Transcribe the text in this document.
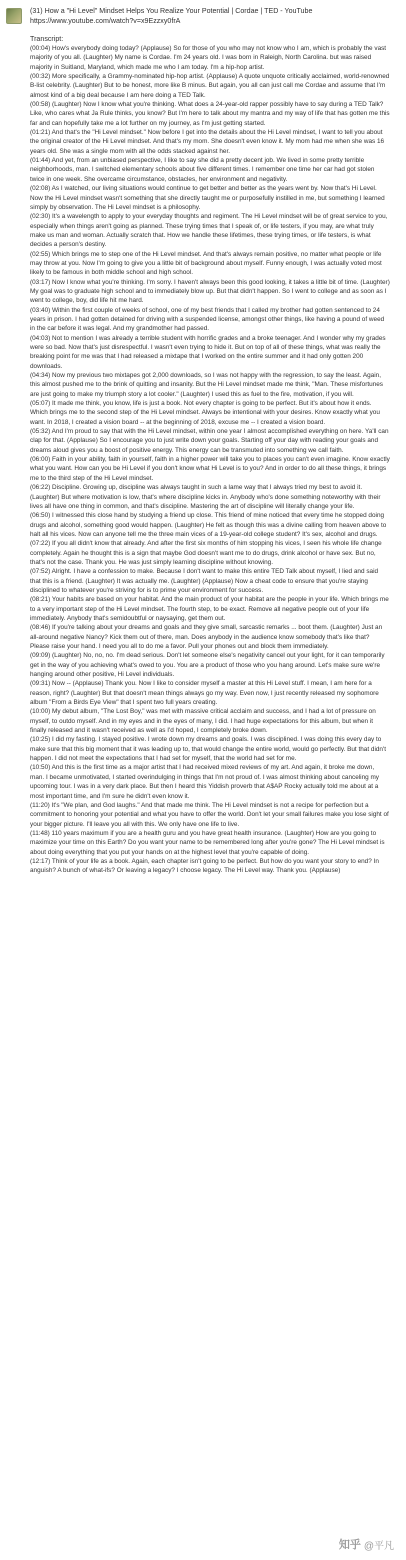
(31) How a "Hi Level" Mindset Helps You Realize Your Potential | Cordae | TED - YouTube
https://www.youtube.com/watch?v=x9Ezzxy0frA
Transcript:

(00:04) How's everybody doing today? (Applause) So for those of you who may not know who I am, which is probably the vast majority of you all. (Laughter) My name is Cordae. I'm 24 years old. I was born in Raleigh, North Carolina. but was raised majority in Suitland, Maryland, which made me who I am today. I'm a hip-hop artist.

(00:32) More specifically, a Grammy-nominated hip-hop artist. (Applause) A quote unquote critically acclaimed, world-renowned B-list celebrity. (Laughter) But to be honest, more like B minus. But again, you all can just call me Cordae and assume that I'm almost kind of a big deal because I am here doing a TED Talk.

(00:58) (Laughter) Now I know what you're thinking. What does a 24-year-old rapper possibly have to say during a TED Talk? Like, who cares what Ja Rule thinks, you know? But I'm here to talk about my mantra and my way of life that has gotten me this far and can hopefully take me a lot further on my journey, as I'm just getting started.

(01:21) And that's the "Hi Level mindset." Now before I get into the details about the Hi Level mindset, I want to tell you about the original creator of the Hi Level mindset. And that's my mom. She doesn't even know it. My mom had me when she was 16 years old. She was a single mom with all the odds stacked against her.

(01:44) And yet, from an unbiased perspective, I like to say she did a pretty decent job. We lived in some pretty terrible neighborhoods, man. I switched elementary schools about five different times. I remember one time her car had got stolen twice in one week. She overcame circumstance, obstacles, her environment and negativity.

(02:08) As I watched, our living situations would continue to get better and better as the years went by. Now that's Hi Level. Now the Hi Level mindset wasn't something that she directly taught me or purposefully instilled in me, but something I learned simply by observation. The Hi Level mindset is a philosophy.

(02:30) It's a wavelength to apply to your everyday thoughts and regiment. The Hi Level mindset will be of great service to you, especially when things aren't going as planned. These trying times that I speak of, or life testers, if you may, are what truly make us man and woman. Actually scratch that. How we handle these lifetimes, these trying times, or life testers, is what decides a person's destiny.

(02:55) Which brings me to step one of the Hi Level mindset. And that's always remain positive, no matter what people or life may throw at you. Now I'm going to give you a little bit of background about myself. Funny enough, I was actually voted most likely to be famous in both middle school and high school.

(03:17) Now I know what you're thinking. I'm sorry. I haven't always been this good looking, it takes a little bit of time. (Laughter) My goal was to graduate high school and to immediately blow up. But that didn't happen. So I went to college and as soon as I went to college, boy, did life hit me hard.

(03:40) Within the first couple of weeks of school, one of my best friends that I called my brother had gotten sentenced to 24 years in prison. I had gotten detained for driving with a suspended license, amongst other things, like having a pound of weed in the car before it was legal. And my grandmother had passed.

(04:03) Not to mention I was already a terrible student with horrific grades and a broke teenager. And I wonder why my grades were so bad. Now that's just disrespectful. I wasn't even trying to hide it. But on top of all of these things, what was really the breaking point for me was that I had released a mixtape that I worked on the entire summer and it had only gotten 200 downloads.

(04:34) Now my previous two mixtapes got 2,000 downloads, so I was not happy with the regression, to say the least. Again, this almost pushed me to the brink of quitting and insanity. But the Hi Level mindset made me think, "Man. These misfortunes are just going to make my triumph story a lot cooler." (Laughter) I used this as fuel to the fire, motivation, if you will.

(05:07) It made me think, you know, life is just a book. Not every chapter is going to be perfect. But it's about how it ends. Which brings me to the second step of the Hi Level mindset. Always be intentional with your desires. Know exactly what you want. In 2018, I created a vision board -- at the beginning of 2018, excuse me -- I created a vision board.

(05:32) And I'm proud to say that with the Hi Level mindset, within one year I almost accomplished everything on here. Ya'll can clap for that. (Applause) So I encourage you to just write down your goals. Starting off your day with reading your goals and dreams aloud gives you a boost of positive energy. This energy can be transmuted into something we call faith.

(06:00) Faith in your ability, faith in yourself, faith in a higher power will take you to places you can't even imagine. Know exactly what you want. How can you be Hi Level if you don't know what Hi Level is to you? And in order to do all these things, it brings me to the third step of the Hi Level mindset.

(06:22) Discipline. Growing up, discipline was always taught in such a lame way that I always tried my best to avoid it. (Laughter) But where motivation is low, that's where discipline kicks in. Anybody who's done something noteworthy with their lives all have one thing in common, and that's discipline. Mastering the art of discipline will literally change your life.

(06:50) I witnessed this close hand by studying a friend up close. This friend of mine noticed that every time he stopped doing drugs and alcohol, something good would happen. (Laughter) He felt as though this was a divine calling from heaven above to halt all his vices. Now can anyone tell me the three main vices of a 19-year-old college student? It's sex, alcohol and drugs.

(07:22) If you all didn't know that already. And after the first six months of him stopping his vices, I seen his whole life change completely. Again he thought this is a sign that maybe God doesn't want me to do drugs, drink alcohol or have sex. But no, that's not the case. Thank you. He was just simply learning discipline without knowing.

(07:52) Alright. I have a confession to make. Because I don't want to make this entire TED Talk about myself, I lied and said that this is a friend. (Laughter) It was actually me. (Laughter) (Applause) Now a cheat code to ensure that you're staying disciplined to whatever you're striving for is to prime your environment for success.

(08:21) Your habits are based on your habitat. And the main product of your habitat are the people in your life. Which brings me to a very important step of the Hi Level mindset. The fourth step, to be exact. Remove all negative people out of your life immediately. Anybody that's semidoubtful or naysaying, get them out.

(08:46) If you're talking about your dreams and goals and they give small, sarcastic remarks ... boot them. (Laughter) Just an all-around negative Nancy? Kick them out of there, man. Does anybody in the audience know somebody that's like that? Please raise your hand. I need you all to do me a favor. Pull your phones out and block them immediately.

(09:09) (Laughter) No, no, no. I'm dead serious. Don't let someone else's negativity cancel out your light, for it can temporarily get in the way of you achieving what's owed to you. You are a product of those who you hang around. Let's make sure we're hanging around other positive, Hi Level individuals.

(09:31) Now -- (Applause) Thank you. Now I like to consider myself a master at this Hi Level stuff. I mean, I am here for a reason, right? (Laughter) But that doesn't mean things always go my way. Even now, I just recently released my sophomore album "From a Birds Eye View" that I spent two full years creating.

(10:00) My debut album, "The Lost Boy," was met with massive critical acclaim and success, and I had a lot of pressure on myself, to outdo myself. And in my eyes and in the eyes of many, I did. I had huge expectations for this album, but when it finally released and it wasn't received as well as I'd hoped, I completely broke down.

(10:25) I did my fasting. I stayed positive. I wrote down my dreams and goals. I was disciplined. I was doing this every day to make sure that this big moment that it was leading up to, that would change the entire world, would go perfectly. But that didn't happen. I did not meet the expectations that I had set for myself, that the world had set for me.

(10:50) And this is the first time as a major artist that I had received mixed reviews of my art. And again, it broke me down, man. I became unmotivated, I started overindulging in things that I'm not proud of. I was almost thinking about canceling my upcoming tour. I was in a very dark place. But then I heard this Yiddish proverb that A$AP Rocky actually told me about at a most important time, and I'm sure he didn't even know it.

(11:20) It's "We plan, and God laughs." And that made me think. The Hi Level mindset is not a recipe for perfection but a commitment to honoring your potential and what you have to offer the world. Don't let your small failures make you lose sight of your bigger picture. I'll leave you all with this. We only have one life to live.

(11:48) 110 years maximum if you are a health guru and you have great health insurance. (Laughter) How are you going to maximize your time on this Earth? Do you want your name to be remembered long after you're gone? The Hi Level mindset is about doing everything that you put your hands on at the highest level that you're capable of doing.

(12:17) Think of your life as a book. Again, each chapter isn't going to be perfect. But how do you want your story to end? In anguish? A bunch of what-ifs? Or leaving a legacy? I choose legacy. The Hi Level way. Thank you. (Applause)

知乎 @平凡
